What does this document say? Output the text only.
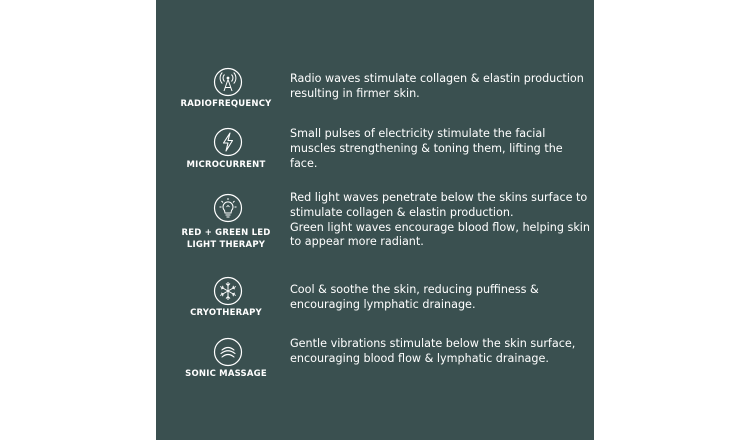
RADIOFREQUENCY
Radio waves stimulate collagen & elastin production resulting in firmer skin.
MICROCURRENT
Small pulses of electricity stimulate the facial muscles strengthening & toning them, lifting the face.
RED + GREEN LED
LIGHT THERAPY
Red light waves penetrate below the skins surface to stimulate collagen & elastin production.
Green light waves encourage blood flow, helping skin to appear more radiant.
CRYOTHERAPY
Cool & soothe the skin, reducing puffiness & encouraging lymphatic drainage.
SONIC MASSAGE
Gentle vibrations stimulate below the skin surface, encouraging blood flow & lymphatic drainage.
